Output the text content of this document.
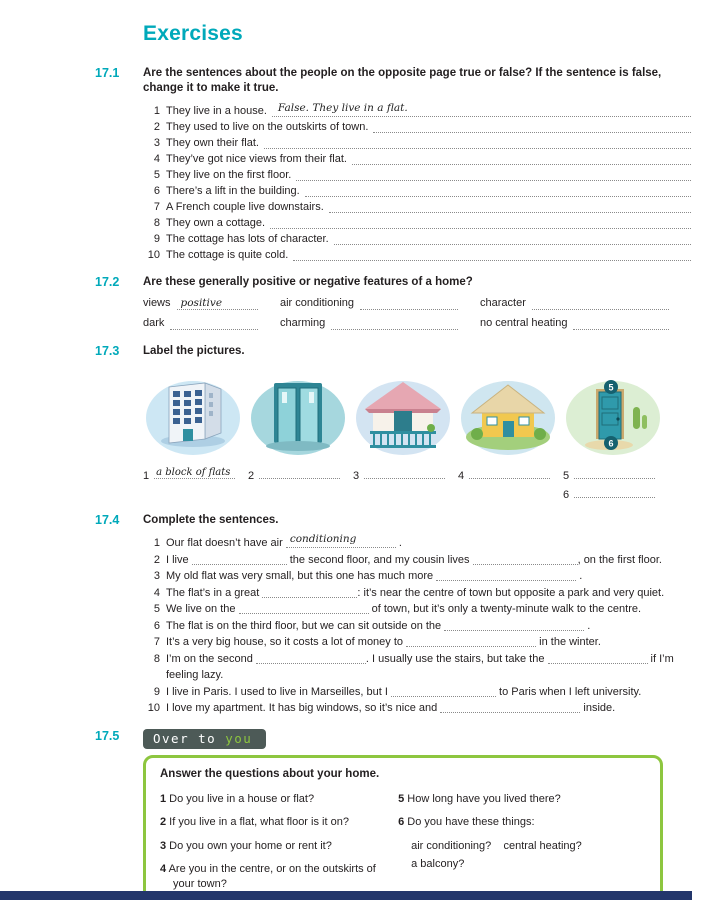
Exercises
17.1	Are the sentences about the people on the opposite page true or false? If the sentence is false, change it to make it true.
1 They live in a house. False. They live in a flat.
2 They used to live on the outskirts of town.
3 They own their flat.
4 They’ve got nice views from their flat.
5 They live on the first floor.
6 There’s a lift in the building.
7 A French couple live downstairs.
8 They own a cottage.
9 The cottage has lots of character.
10 The cottage is quite cold.
17.2	Are these generally positive or negative features of a home?
views positive	air conditioning	character
dark	charming	no central heating
17.3	Label the pictures.
5
6
1 a block of flats 2	3	4	5
6
17.4	Complete the sentences.
1 Our flat doesn’t have air conditioning	.
2 I live	the second floor, and my cousin lives	, on the first floor.
3 My old flat was very small, but this one has much more	.
4 The flat’s in a great	: it’s near the centre of town but opposite a park and very quiet.
5 We live on the	of town, but it’s only a twenty-minute walk to the centre.
6 The flat is on the third floor, but we can sit outside on the	.
7 It’s a very big house, so it costs a lot of money to	in the winter.
8 I’m on the second	. I usually use the stairs, but take the	if I’m feeling lazy.
9 I live in Paris. I used to live in Marseilles, but I	to Paris when I left university.
10 I love my apartment. It has big windows, so it’s nice and	inside.
17.5	Over to you
Answer the questions about your home.
1 Do you live in a house or flat?
2 If you live in a flat, what floor is it on?
3 Do you own your home or rent it?
4 Are you in the centre, or on the outskirts of your town?
5 How long have you lived there?
6 Do you have these things:
air conditioning?    central heating?
a balcony?
